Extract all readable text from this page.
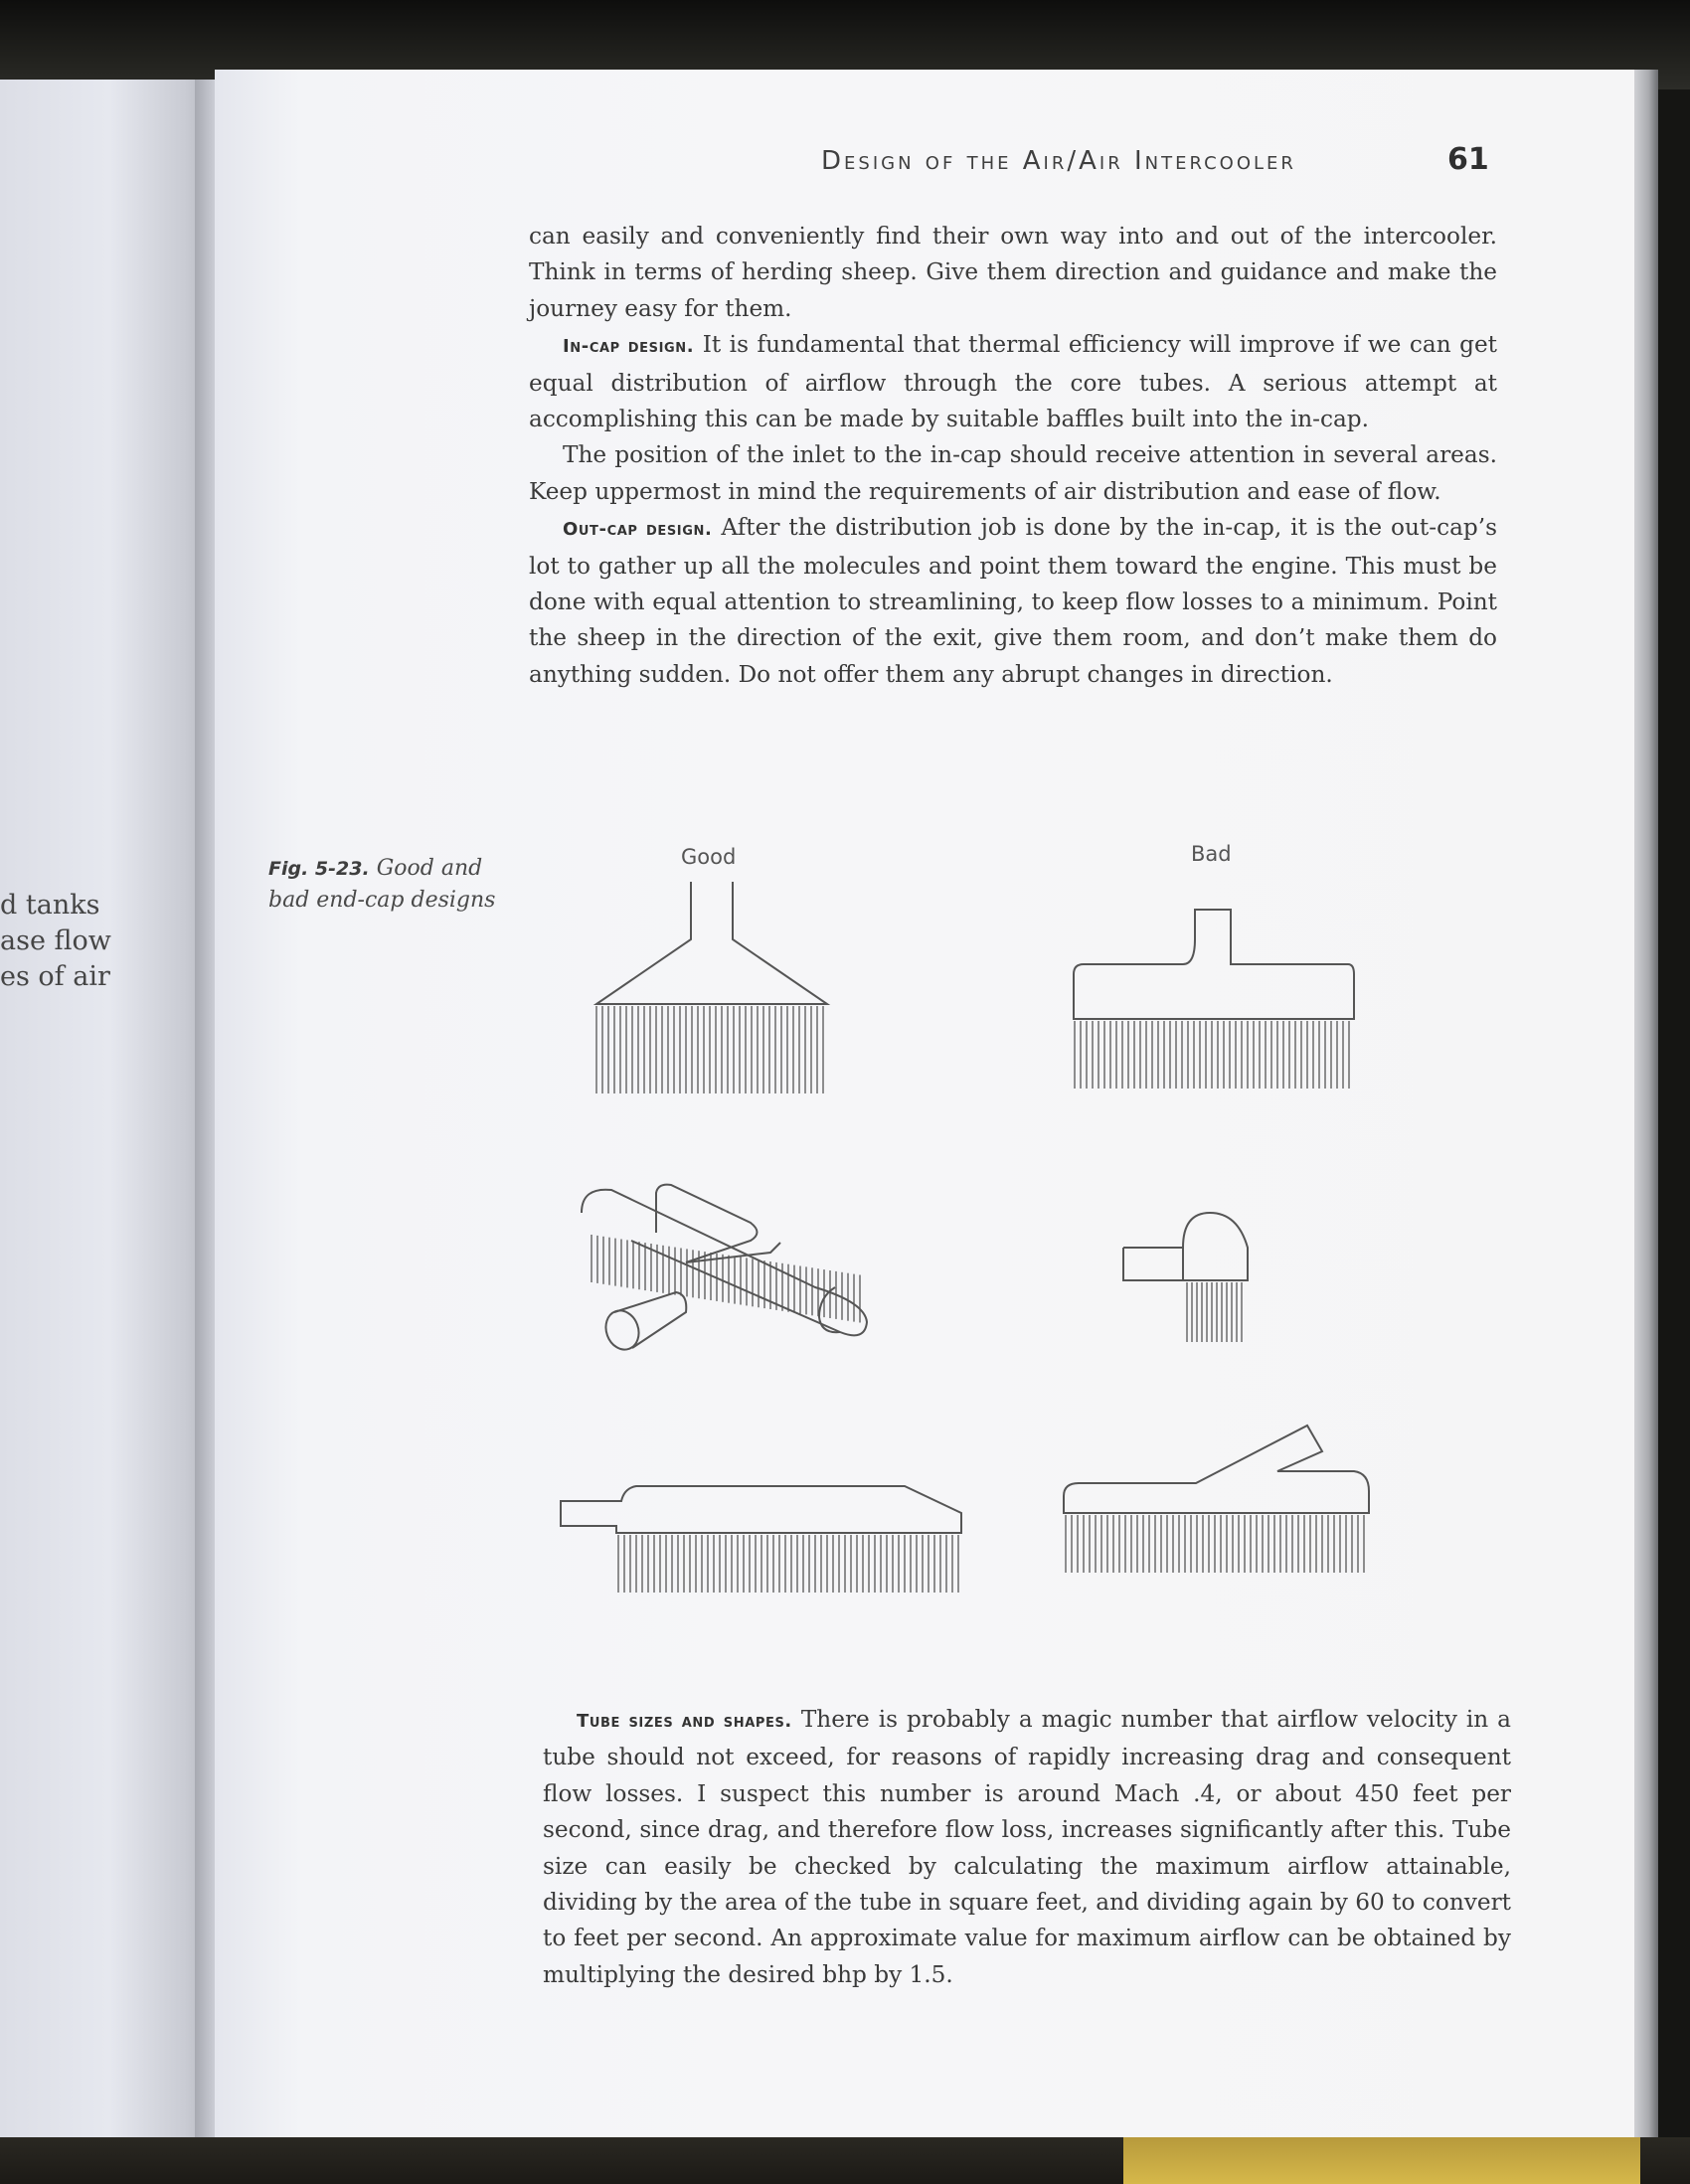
d tanks
ase flow
es of air
Design of the Air/Air Intercooler	61

can easily and conveniently find their own way into and out of the intercooler. Think in terms of herding sheep. Give them direction and guidance and make the journey easy for them.

In-cap design. It is fundamental that thermal efficiency will improve if we can get equal distribution of airflow through the core tubes. A serious attempt at accomplishing this can be made by suitable baffles built into the in-cap.

The position of the inlet to the in-cap should receive attention in several areas. Keep uppermost in mind the requirements of air distribution and ease of flow.

Out-cap design. After the distribution job is done by the in-cap, it is the out-cap’s lot to gather up all the molecules and point them toward the engine. This must be done with equal attention to streamlining, to keep flow losses to a minimum. Point the sheep in the direction of the exit, give them room, and don’t make them do anything sudden. Do not offer them any abrupt changes in direction.

Fig. 5-23. Good and bad end-cap designs
Good	Bad

Tube sizes and shapes. There is probably a magic number that airflow velocity in a tube should not exceed, for reasons of rapidly increasing drag and consequent flow losses. I suspect this number is around Mach .4, or about 450 feet per second, since drag, and therefore flow loss, increases significantly after this. Tube size can easily be checked by calculating the maximum airflow attainable, dividing by the area of the tube in square feet, and dividing again by 60 to convert to feet per second. An approximate value for maximum airflow can be obtained by multiplying the desired bhp by 1.5.
